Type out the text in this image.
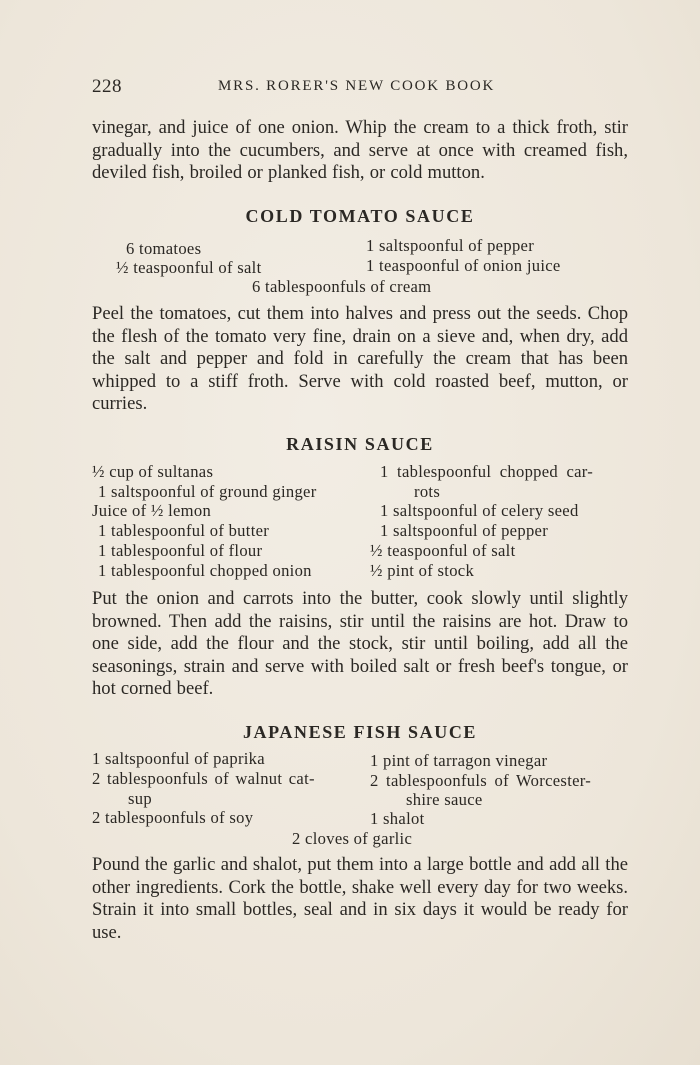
228	MRS. RORER'S NEW COOK BOOK

vinegar, and juice of one onion. Whip the cream to a thick froth, stir gradually into the cucumbers, and serve at once with creamed fish, deviled fish, broiled or planked fish, or cold mutton.

COLD TOMATO SAUCE
6 tomatoes
½ teaspoonful of salt
1 saltspoonful of pepper
1 teaspoonful of onion juice
6 tablespoonfuls of cream

Peel the tomatoes, cut them into halves and press out the seeds. Chop the flesh of the tomato very fine, drain on a sieve and, when dry, add the salt and pepper and fold in carefully the cream that has been whipped to a stiff froth. Serve with cold roasted beef, mutton, or curries.

RAISIN SAUCE
½ cup of sultanas
1 saltspoonful of ground ginger
Juice of ½ lemon
1 tablespoonful of butter
1 tablespoonful of flour
1 tablespoonful chopped onion
1 tablespoonful chopped car-
rots
1 saltspoonful of celery seed
1 saltspoonful of pepper
½ teaspoonful of salt
½ pint of stock

Put the onion and carrots into the butter, cook slowly until slightly browned. Then add the raisins, stir until the raisins are hot. Draw to one side, add the flour and the stock, stir until boiling, add all the seasonings, strain and serve with boiled salt or fresh beef's tongue, or hot corned beef.

JAPANESE FISH SAUCE
1 saltspoonful of paprika
2 tablespoonfuls of walnut cat-
sup
2 tablespoonfuls of soy
1 pint of tarragon vinegar
2 tablespoonfuls of Worcester-
shire sauce
1 shalot
2 cloves of garlic

Pound the garlic and shalot, put them into a large bottle and add all the other ingredients. Cork the bottle, shake well every day for two weeks. Strain it into small bottles, seal and in six days it would be ready for use.
